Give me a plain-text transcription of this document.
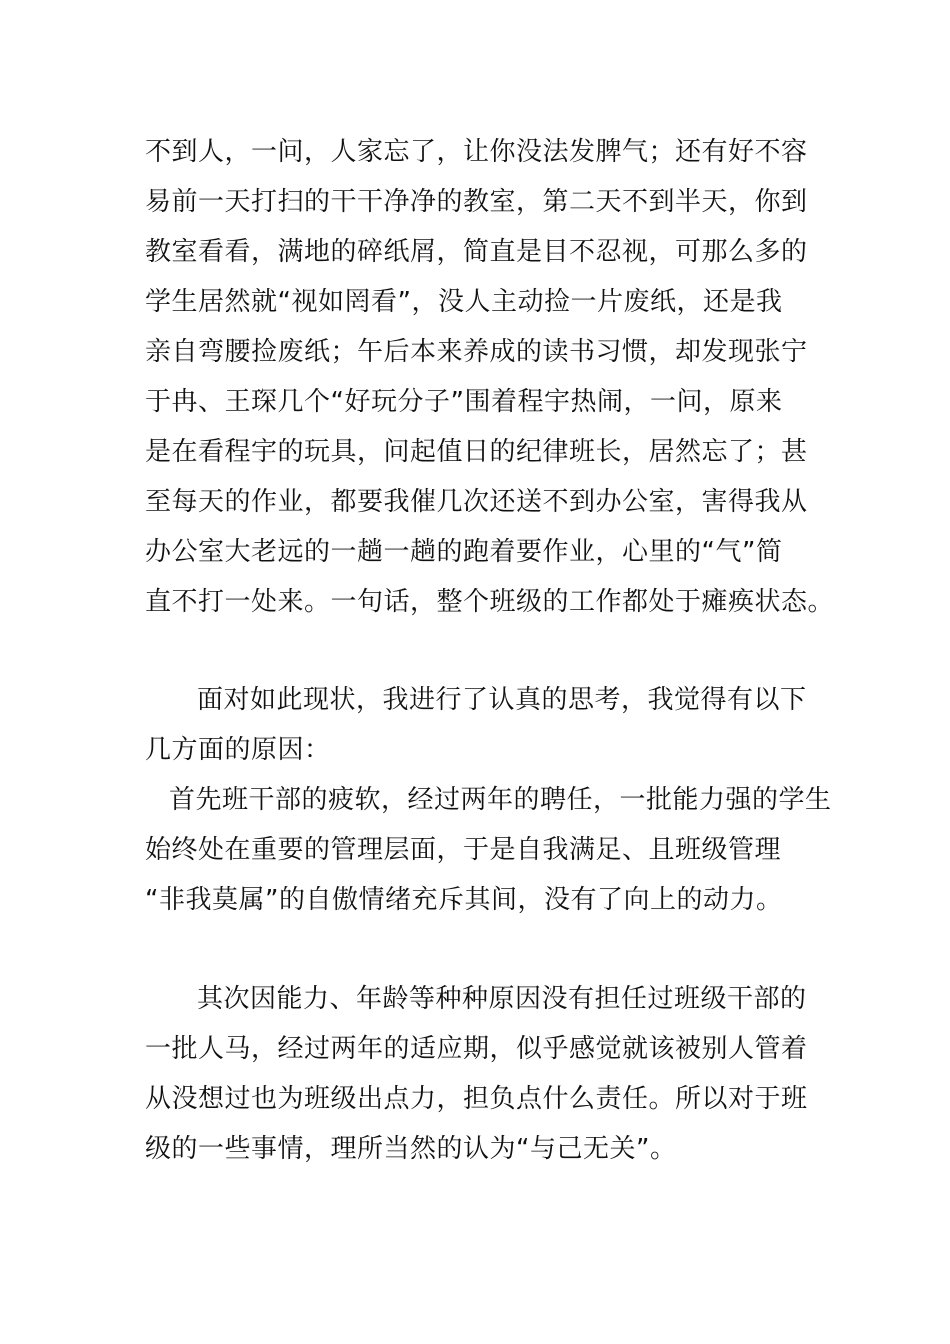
不到人，一问，人家忘了，让你没法发脾气；还有好不容
易前一天打扫的干干净净的教室，第二天不到半天，你到
教室看看，满地的碎纸屑，简直是目不忍视，可那么多的
学生居然就“视如罔看”，没人主动捡一片废纸，还是我
亲自弯腰捡废纸；午后本来养成的读书习惯，却发现张宁
于冉、王琛几个“好玩分子”围着程宇热闹，一问，原来
是在看程宇的玩具，问起值日的纪律班长，居然忘了；甚
至每天的作业，都要我催几次还送不到办公室，害得我从
办公室大老远的一趟一趟的跑着要作业，心里的“气”简
直不打一处来。一句话，整个班级的工作都处于瘫痪状态。
面对如此现状，我进行了认真的思考，我觉得有以下
几方面的原因：
首先班干部的疲软，经过两年的聘任，一批能力强的学生
始终处在重要的管理层面，于是自我满足、且班级管理
“非我莫属”的自傲情绪充斥其间，没有了向上的动力。
其次因能力、年龄等种种原因没有担任过班级干部的
一批人马，经过两年的适应期，似乎感觉就该被别人管着
从没想过也为班级出点力，担负点什么责任。所以对于班
级的一些事情，理所当然的认为“与己无关”。
